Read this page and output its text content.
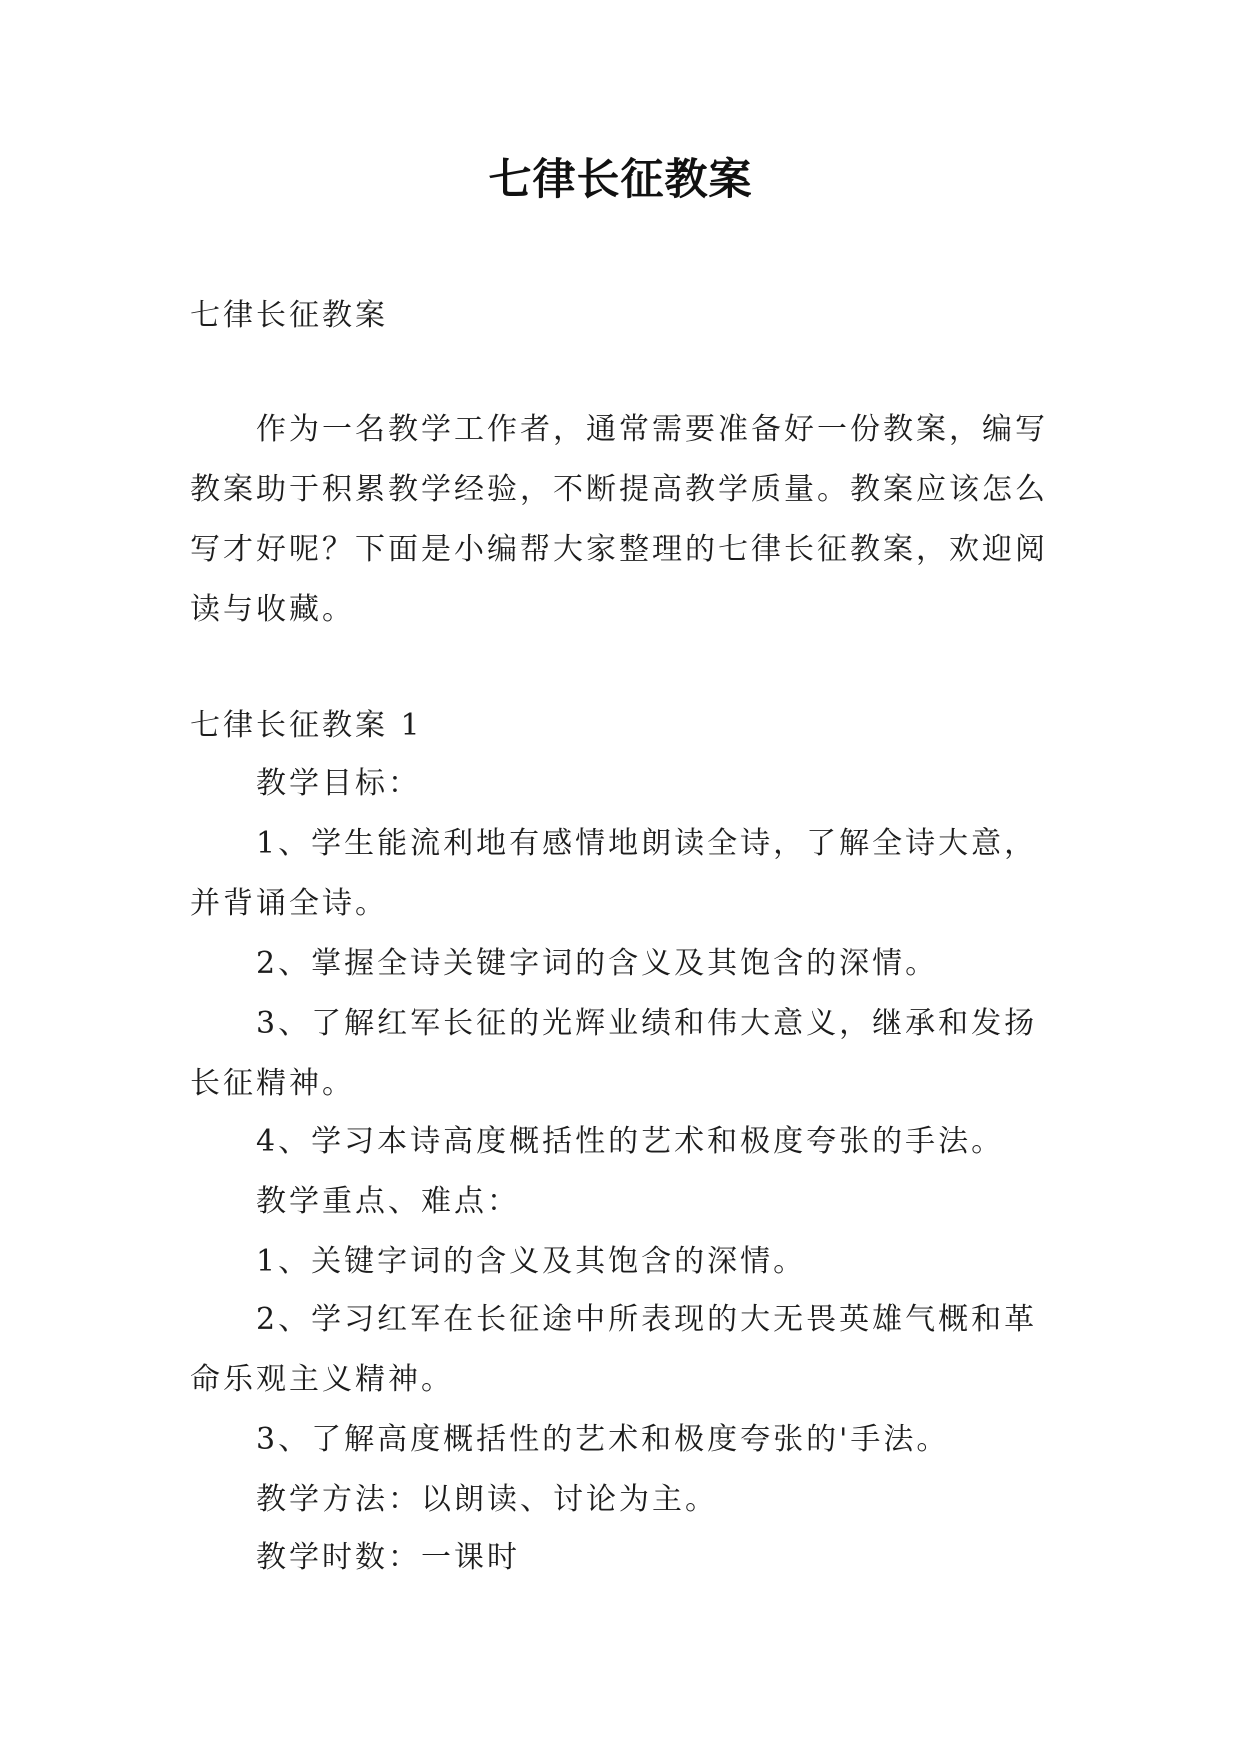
七律长征教案
七律长征教案
作为一名教学工作者，通常需要准备好一份教案，编写
教案助于积累教学经验，不断提高教学质量。教案应该怎么
写才好呢？下面是小编帮大家整理的七律长征教案，欢迎阅
读与收藏。
七律长征教案 1
教学目标：
1、学生能流利地有感情地朗读全诗，了解全诗大意，
并背诵全诗。
2、掌握全诗关键字词的含义及其饱含的深情。
3、了解红军长征的光辉业绩和伟大意义，继承和发扬
长征精神。
4、学习本诗高度概括性的艺术和极度夸张的手法。
教学重点、难点：
1、关键字词的含义及其饱含的深情。
2、学习红军在长征途中所表现的大无畏英雄气概和革
命乐观主义精神。
3、了解高度概括性的艺术和极度夸张的'手法。
教学方法：以朗读、讨论为主。
教学时数：一课时
